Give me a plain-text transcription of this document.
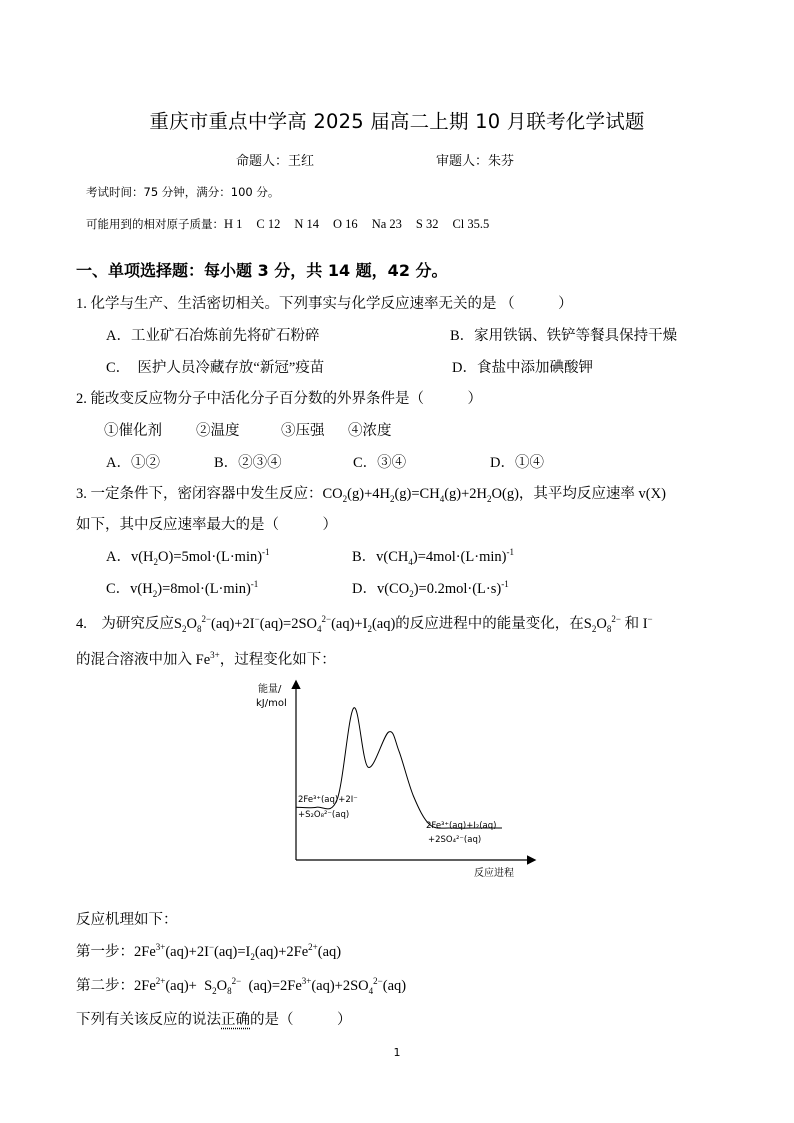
重庆市重点中学高 2025 届高二上期 10 月联考化学试题
命题人：王红	审题人：朱芬
考试时间：75 分钟，满分：100 分。
可能用到的相对原子质量：H 1 C 12 N 14 O 16 Na 23 S 32 Cl 35.5
一、单项选择题：每小题 3 分，共 14 题，42 分。
1. 化学与生产、生活密切相关。下列事实与化学反应速率无关的是 （　　　）
A．工业矿石冶炼前先将矿石粉碎	B．家用铁锅、铁铲等餐具保持干燥
C．　医护人员冷藏存放“新冠”疫苗	D．食盐中添加碘酸钾
2. 能改变反应物分子中活化分子百分数的外界条件是（　　　）
①催化剂 ②温度	③压强 ④浓度
A．①②	B．②③④	C．③④	D．①④
3. 一定条件下，密闭容器中发生反应：$CO_2(g)+4H_2(g)=CH_4(g)+2H_2O(g)$，其平均反应速率 v(X)
如下，其中反应速率最大的是（　　　）
A．$v(H_2O)=5mol\cdot(L\cdot\min)^{-1}$	B．$v(CH_4)=4mol\cdot(L\cdot\min)^{-1}$
C．$v(H_2)=8mol\cdot(L\cdot\min)^{-1}$	D．$v(CO_2)=0.2mol\cdot(L\cdot s)^{-1}$
4.　为研究反应$S_2O_8^{2-}(aq)+2I^-(aq)=2SO_4^{2-}(aq)+I_2(aq)$的反应进程中的能量变化，在$S_2O_8^{2-}$ 和 I−
的混合溶液中加入 $Fe^{3+}$，过程变化如下：
能量/
kJ/mol
反应进程
2Fe³⁺(aq)+2I⁻
+S₂O₈²⁻(aq)
2Fe³⁺(aq)+I₂(aq)
+2SO₄²⁻(aq)
反应机理如下：
第一步：$2Fe^{3+}(aq)+2I^-(aq)=I_2(aq)+2Fe^{2+}(aq)$
第二步：$2Fe^{2+}(aq)+ S_2O_8^{2-}$  $(aq)=2Fe^{3+}(aq)+2SO_4^{2-}(aq)$
下列有关该反应的说法正确的是（　　　）
1
